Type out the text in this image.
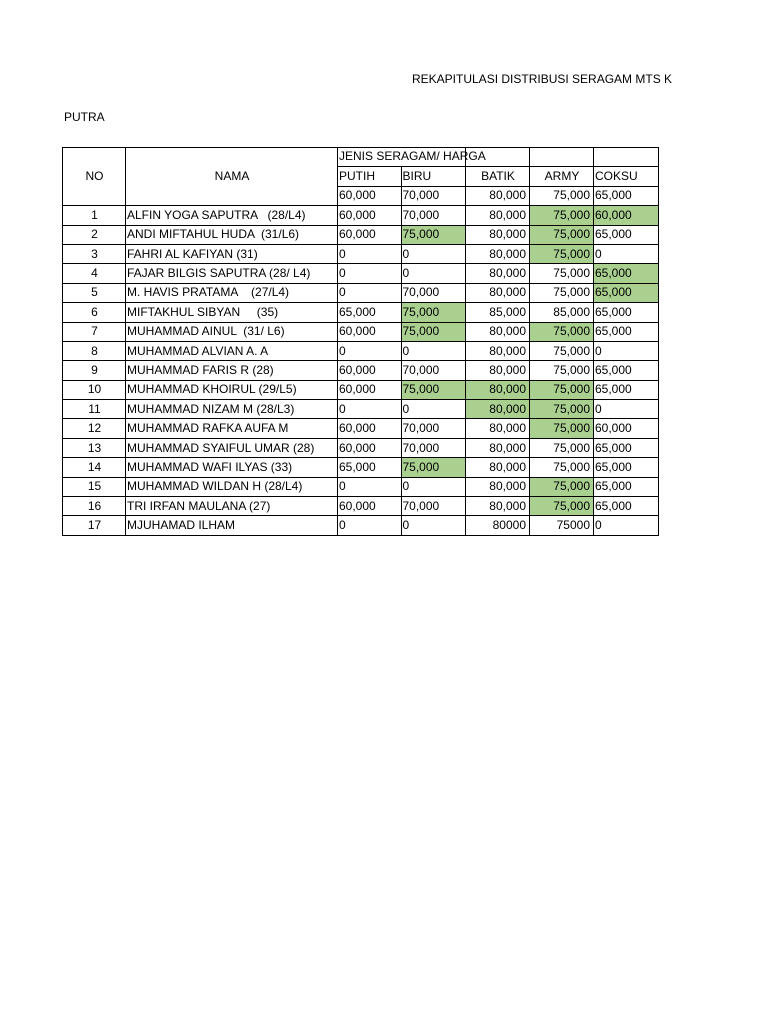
REKAPITULASI DISTRIBUSI SERAGAM MTS K
PUTRA
NO	NAMA	JENIS SERAGAM/ HARGA				

		PUTIH	BIRU	BATIK	ARMY	COKSU
		60,000	70,000	80,000	75,000	65,000
1	ALFIN YOGA SAPUTRA   (28/L4)	60,000	70,000	80,000	75,000	60,000
2	ANDI MIFTAHUL HUDA  (31/L6)	60,000	75,000	80,000	75,000	65,000
3	FAHRI AL KAFIYAN (31)	0	0	80,000	75,000	0
4	FAJAR BILGIS SAPUTRA (28/ L4)	0	0	80,000	75,000	65,000
5	M. HAVIS PRATAMA    (27/L4)	0	70,000	80,000	75,000	65,000
6	MIFTAKHUL SIBYAN     (35)	65,000	75,000	85,000	85,000	65,000
7	MUHAMMAD AINUL  (31/ L6)	60,000	75,000	80,000	75,000	65,000
8	MUHAMMAD ALVIAN A. A	0	0	80,000	75,000	0
9	MUHAMMAD FARIS R (28)	60,000	70,000	80,000	75,000	65,000
10	MUHAMMAD KHOIRUL (29/L5)	60,000	75,000	80,000	75,000	65,000
11	MUHAMMAD NIZAM M (28/L3)	0	0	80,000	75,000	0
12	MUHAMMAD RAFKA AUFA M	60,000	70,000	80,000	75,000	60,000
13	MUHAMMAD SYAIFUL UMAR (28)	60,000	70,000	80,000	75,000	65,000
14	MUHAMMAD WAFI ILYAS (33)	65,000	75,000	80,000	75,000	65,000
15	MUHAMMAD WILDAN H (28/L4)	0	0	80,000	75,000	65,000
16	TRI IRFAN MAULANA (27)	60,000	70,000	80,000	75,000	65,000
17	MJUHAMAD ILHAM	0	0	80000	75000	0
